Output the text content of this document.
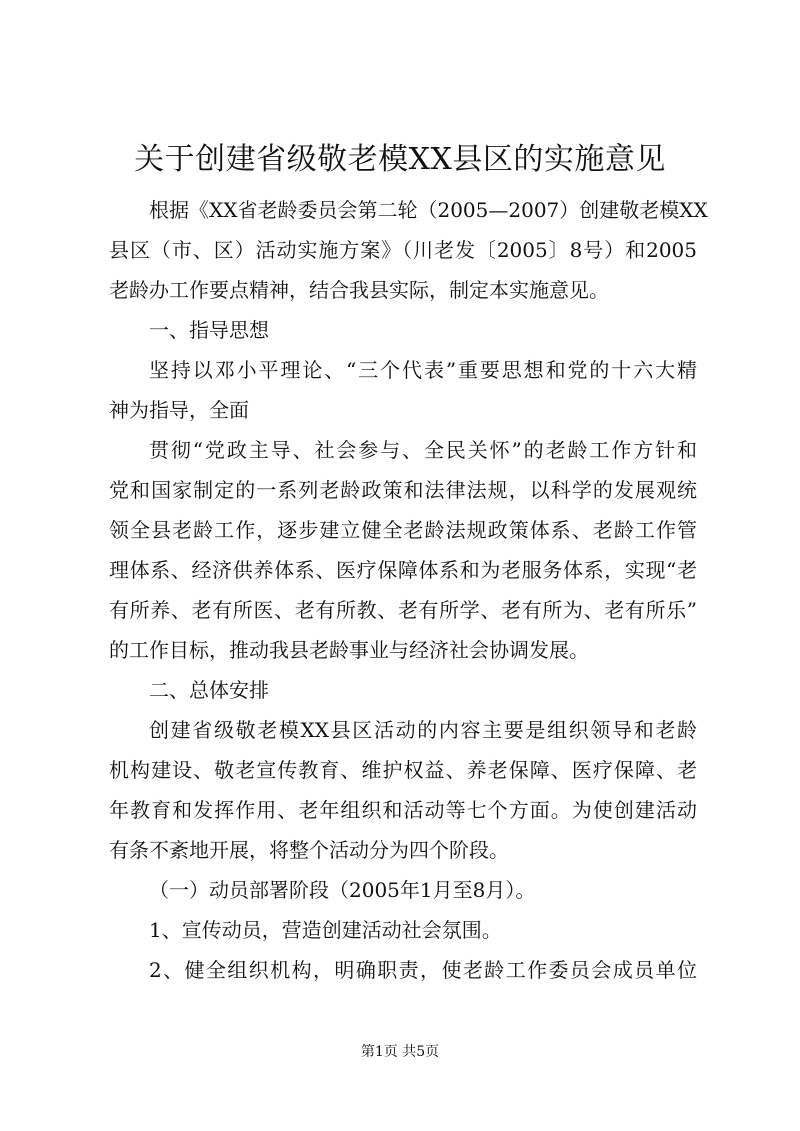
关于创建省级敬老模XX县区的实施意见
根据《XX省老龄委员会第二轮（2005—2007）创建敬老模XX
县区（市、区）活动实施方案》（川老发〔2005〕8号）和2005
老龄办工作要点精神，结合我县实际，制定本实施意见。
一、指导思想
坚持以邓小平理论、“三个代表”重要思想和党的十六大精
神为指导，全面
贯彻“党政主导、社会参与、全民关怀”的老龄工作方针和
党和国家制定的一系列老龄政策和法律法规，以科学的发展观统
领全县老龄工作，逐步建立健全老龄法规政策体系、老龄工作管
理体系、经济供养体系、医疗保障体系和为老服务体系，实现“老
有所养、老有所医、老有所教、老有所学、老有所为、老有所乐”
的工作目标，推动我县老龄事业与经济社会协调发展。
二、总体安排
创建省级敬老模XX县区活动的内容主要是组织领导和老龄
机构建设、敬老宣传教育、维护权益、养老保障、医疗保障、老
年教育和发挥作用、老年组织和活动等七个方面。为使创建活动
有条不紊地开展，将整个活动分为四个阶段。
（一）动员部署阶段（2005年1月至8月）。
1、宣传动员，营造创建活动社会氛围。
2、健全组织机构，明确职责，使老龄工作委员会成员单位
第1页 共5页
